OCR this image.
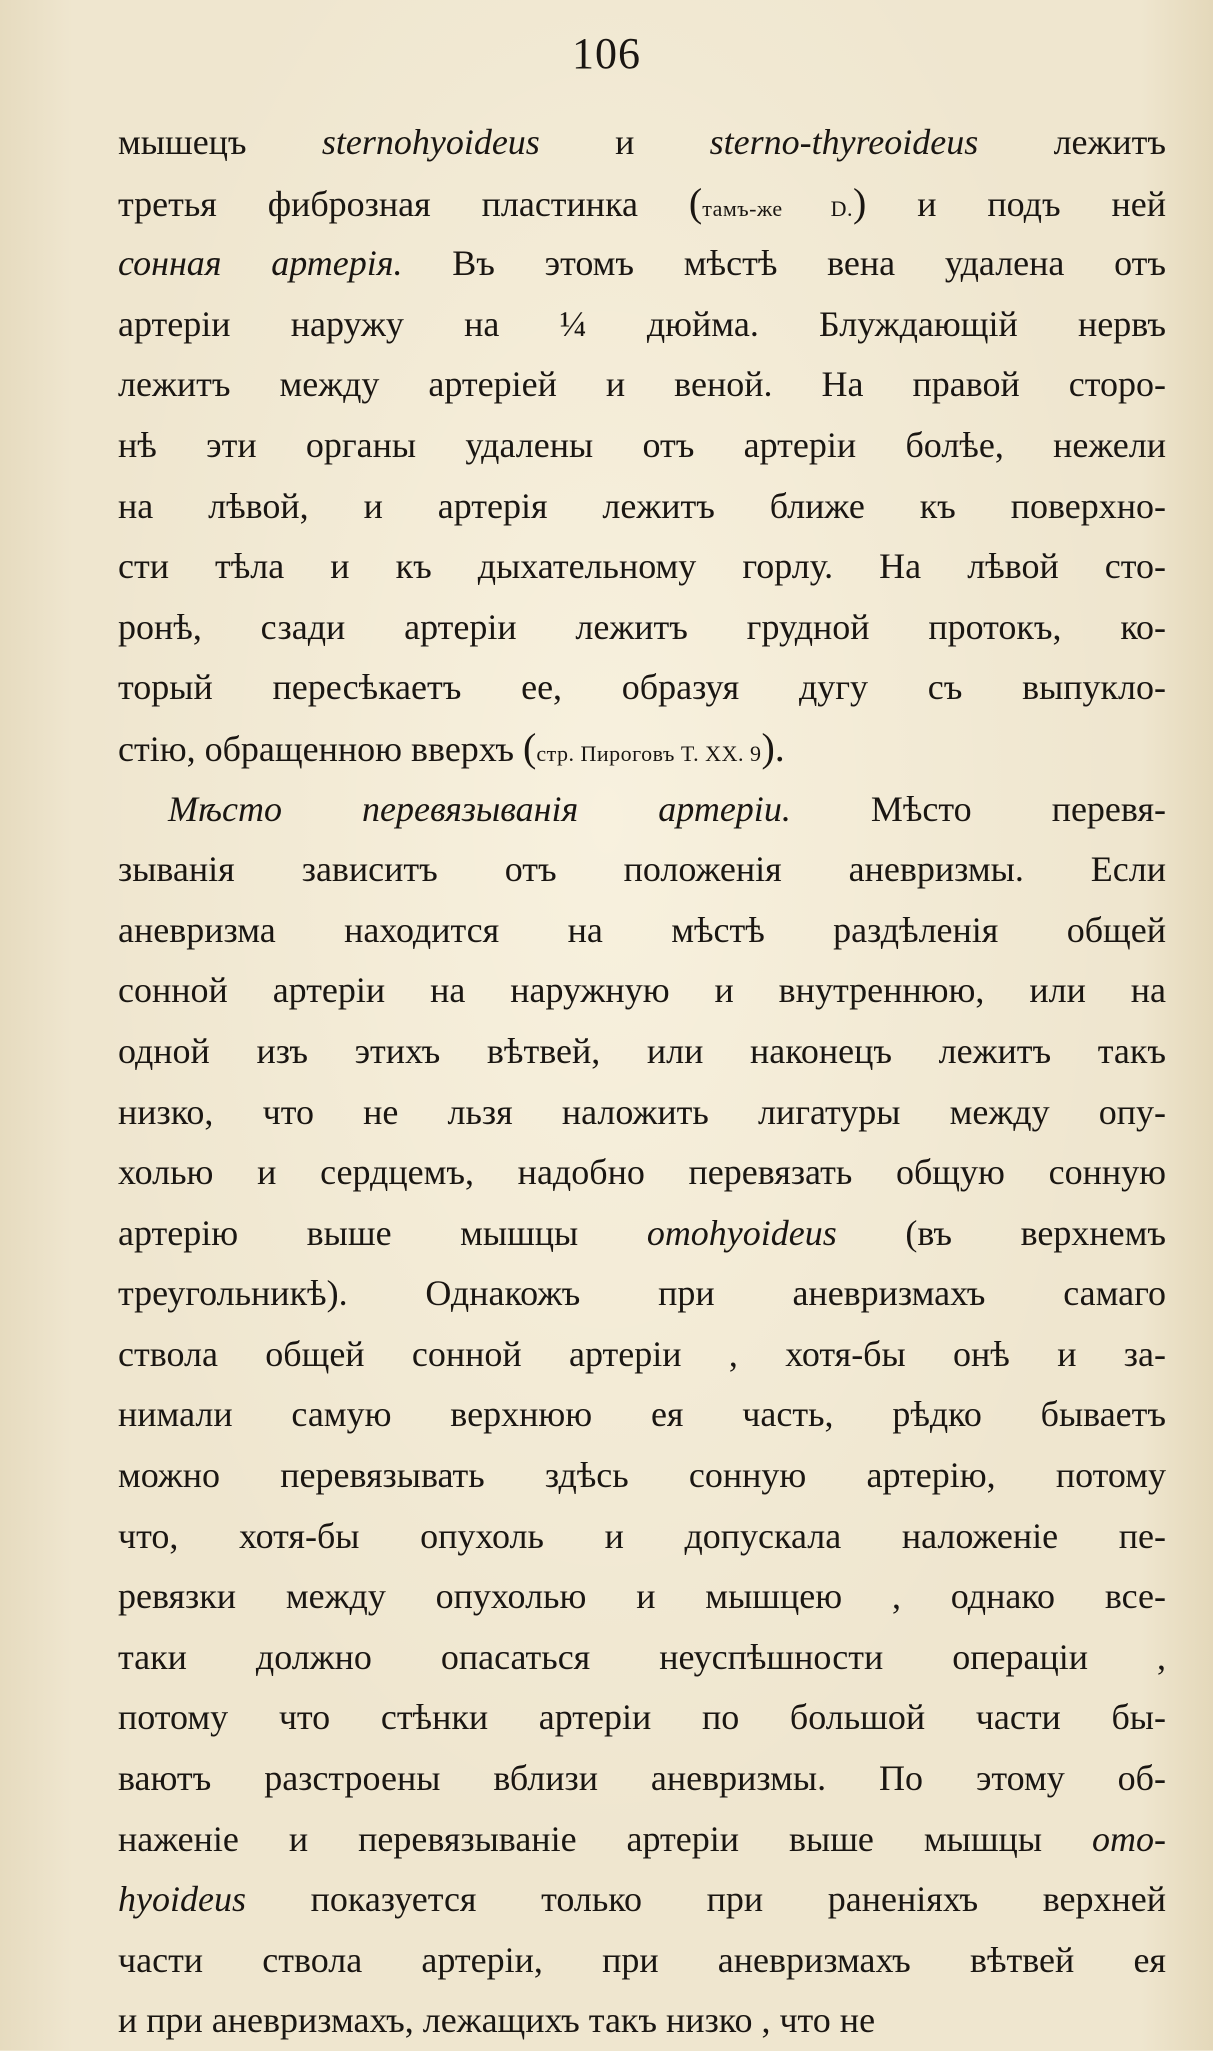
106
мышецъ sternohyoideus и sterno-thyreoideus лежитъ
третья фиброзная пластинка (тамъ-же D.) и подъ ней
сонная артерія. Въ этомъ мѣстѣ вена удалена отъ
артеріи наружу на ¼ дюйма. Блуждающій нервъ
лежитъ между артеріей и веной. На правой сторо-
нѣ эти органы удалены отъ артеріи болѣе, нежели
на лѣвой, и артерія лежитъ ближе къ поверхно-
сти тѣла и къ дыхательному горлу. На лѣвой сто-
ронѣ, сзади артеріи лежитъ грудной протокъ, ко-
торый пересѣкаетъ ее, образуя дугу съ выпукло-
стію, обращенною вверхъ (стр. Пироговъ T. XX. 9).
Мѣсто перевязыванія артеріи. Мѣсто перевя-
зыванія зависитъ отъ положенія аневризмы. Если
аневризма находится на мѣстѣ раздѣленія общей
сонной артеріи на наружную и внутреннюю, или на
одной изъ этихъ вѣтвей, или наконецъ лежитъ такъ
низко, что не льзя наложить лигатуры между опу-
холью и сердцемъ, надобно перевязать общую сонную
артерію выше мышцы omohyoideus (въ верхнемъ
треугольникѣ). Однакожъ при аневризмахъ самаго
ствола общей сонной артеріи , хотя-бы онѣ и за-
нимали самую верхнюю ея часть, рѣдко бываетъ
можно перевязывать здѣсь сонную артерію, потому
что, хотя-бы опухоль и допускала наложеніе пе-
ревязки между опухолью и мышцею , однако все-
таки должно опасаться неуспѣшности операціи ,
потому что стѣнки артеріи по большой части бы-
ваютъ разстроены вблизи аневризмы. По этому об-
наженіе и перевязываніе артеріи выше мышцы omo-
hyoideus показуется только при раненіяхъ верхней
части ствола артеріи, при аневризмахъ вѣтвей ея
и при аневризмахъ, лежащихъ такъ низко , что не
